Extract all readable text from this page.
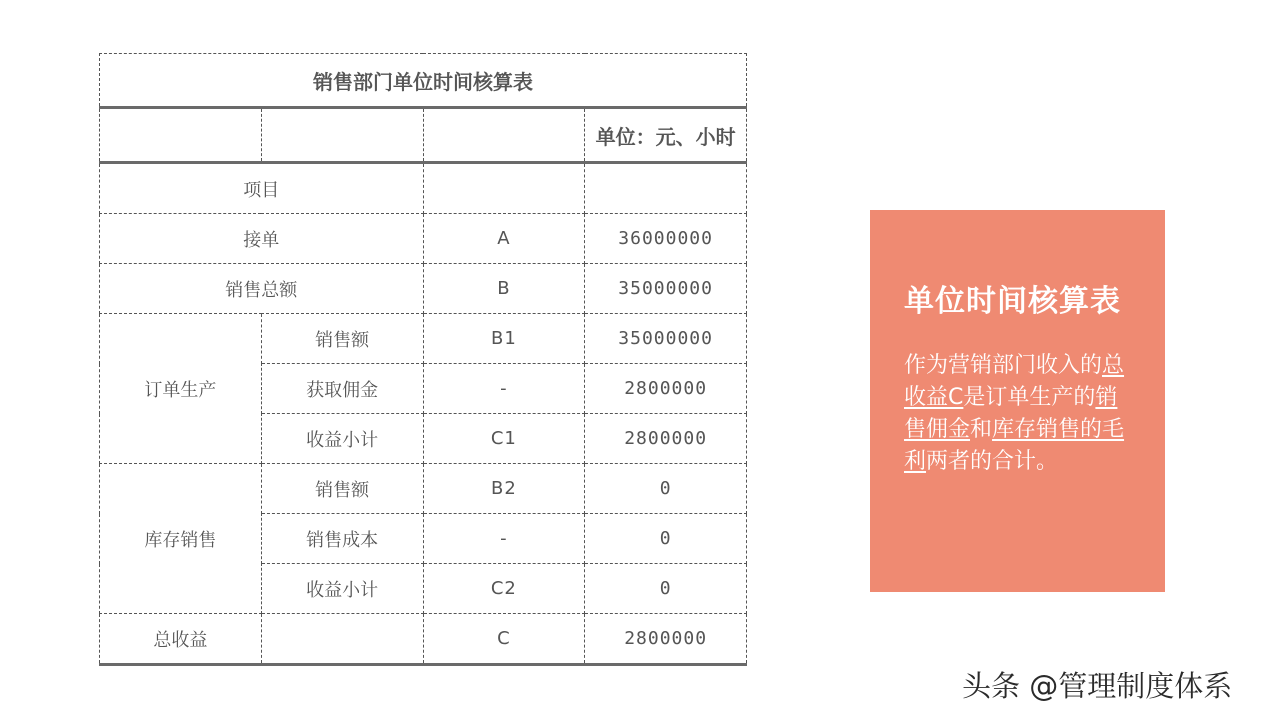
销售部门单位时间核算表			
			单位：元、小时
项目			
接单		A	36000000
销售总额		B	35000000
订单生产	销售额	B1	35000000
	获取佣金	-	2800000
	收益小计	C1	2800000
库存销售	销售额	B2	0
	销售成本	-	0
	收益小计	C2	0
总收益		C	2800000
单位时间核算表
作为营销部门收入的总收益C是订单生产的销售佣金和库存销售的毛利两者的合计。
头条 @管理制度体系
